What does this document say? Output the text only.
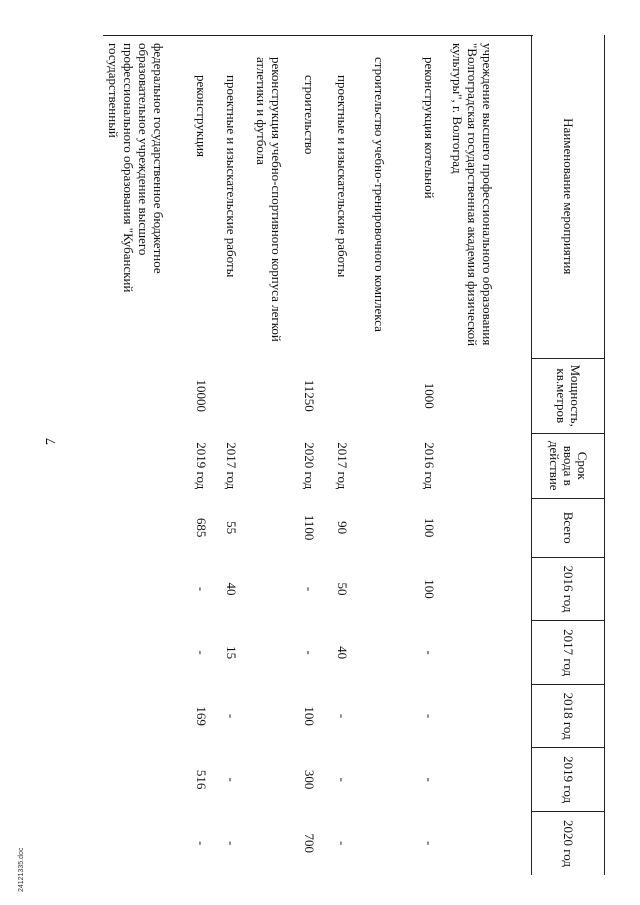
7
24121335.doc
Наименование мероприятия	Мощность, кв.метров	Срок ввода в действие	Всего	2016 год	2017 год	2018 год	2019 год	2020 год
учреждение высшего профессионального образования "Волгоградская государственная академия физической культуры", г. Волгоград								
реконструкция котельной	1000	2016 год	100	100	-	-	-	-
строительство учебно-тренировочного комплекса								
проектные и изыскательские работы		2017 год	90	50	40	-	-	-
строительство	11250	2020 год	1100	-	-	100	300	700
реконструкция учебно-спортивного корпуса легкой атлетики и футбола								
проектные и изыскательские работы		2017 год	55	40	15	-	-	-
реконструкция	10000	2019 год	685	-	-	169	516	-
федеральное государственное бюджетное образовательное учреждение высшего профессионального образования "Кубанский государственный								
